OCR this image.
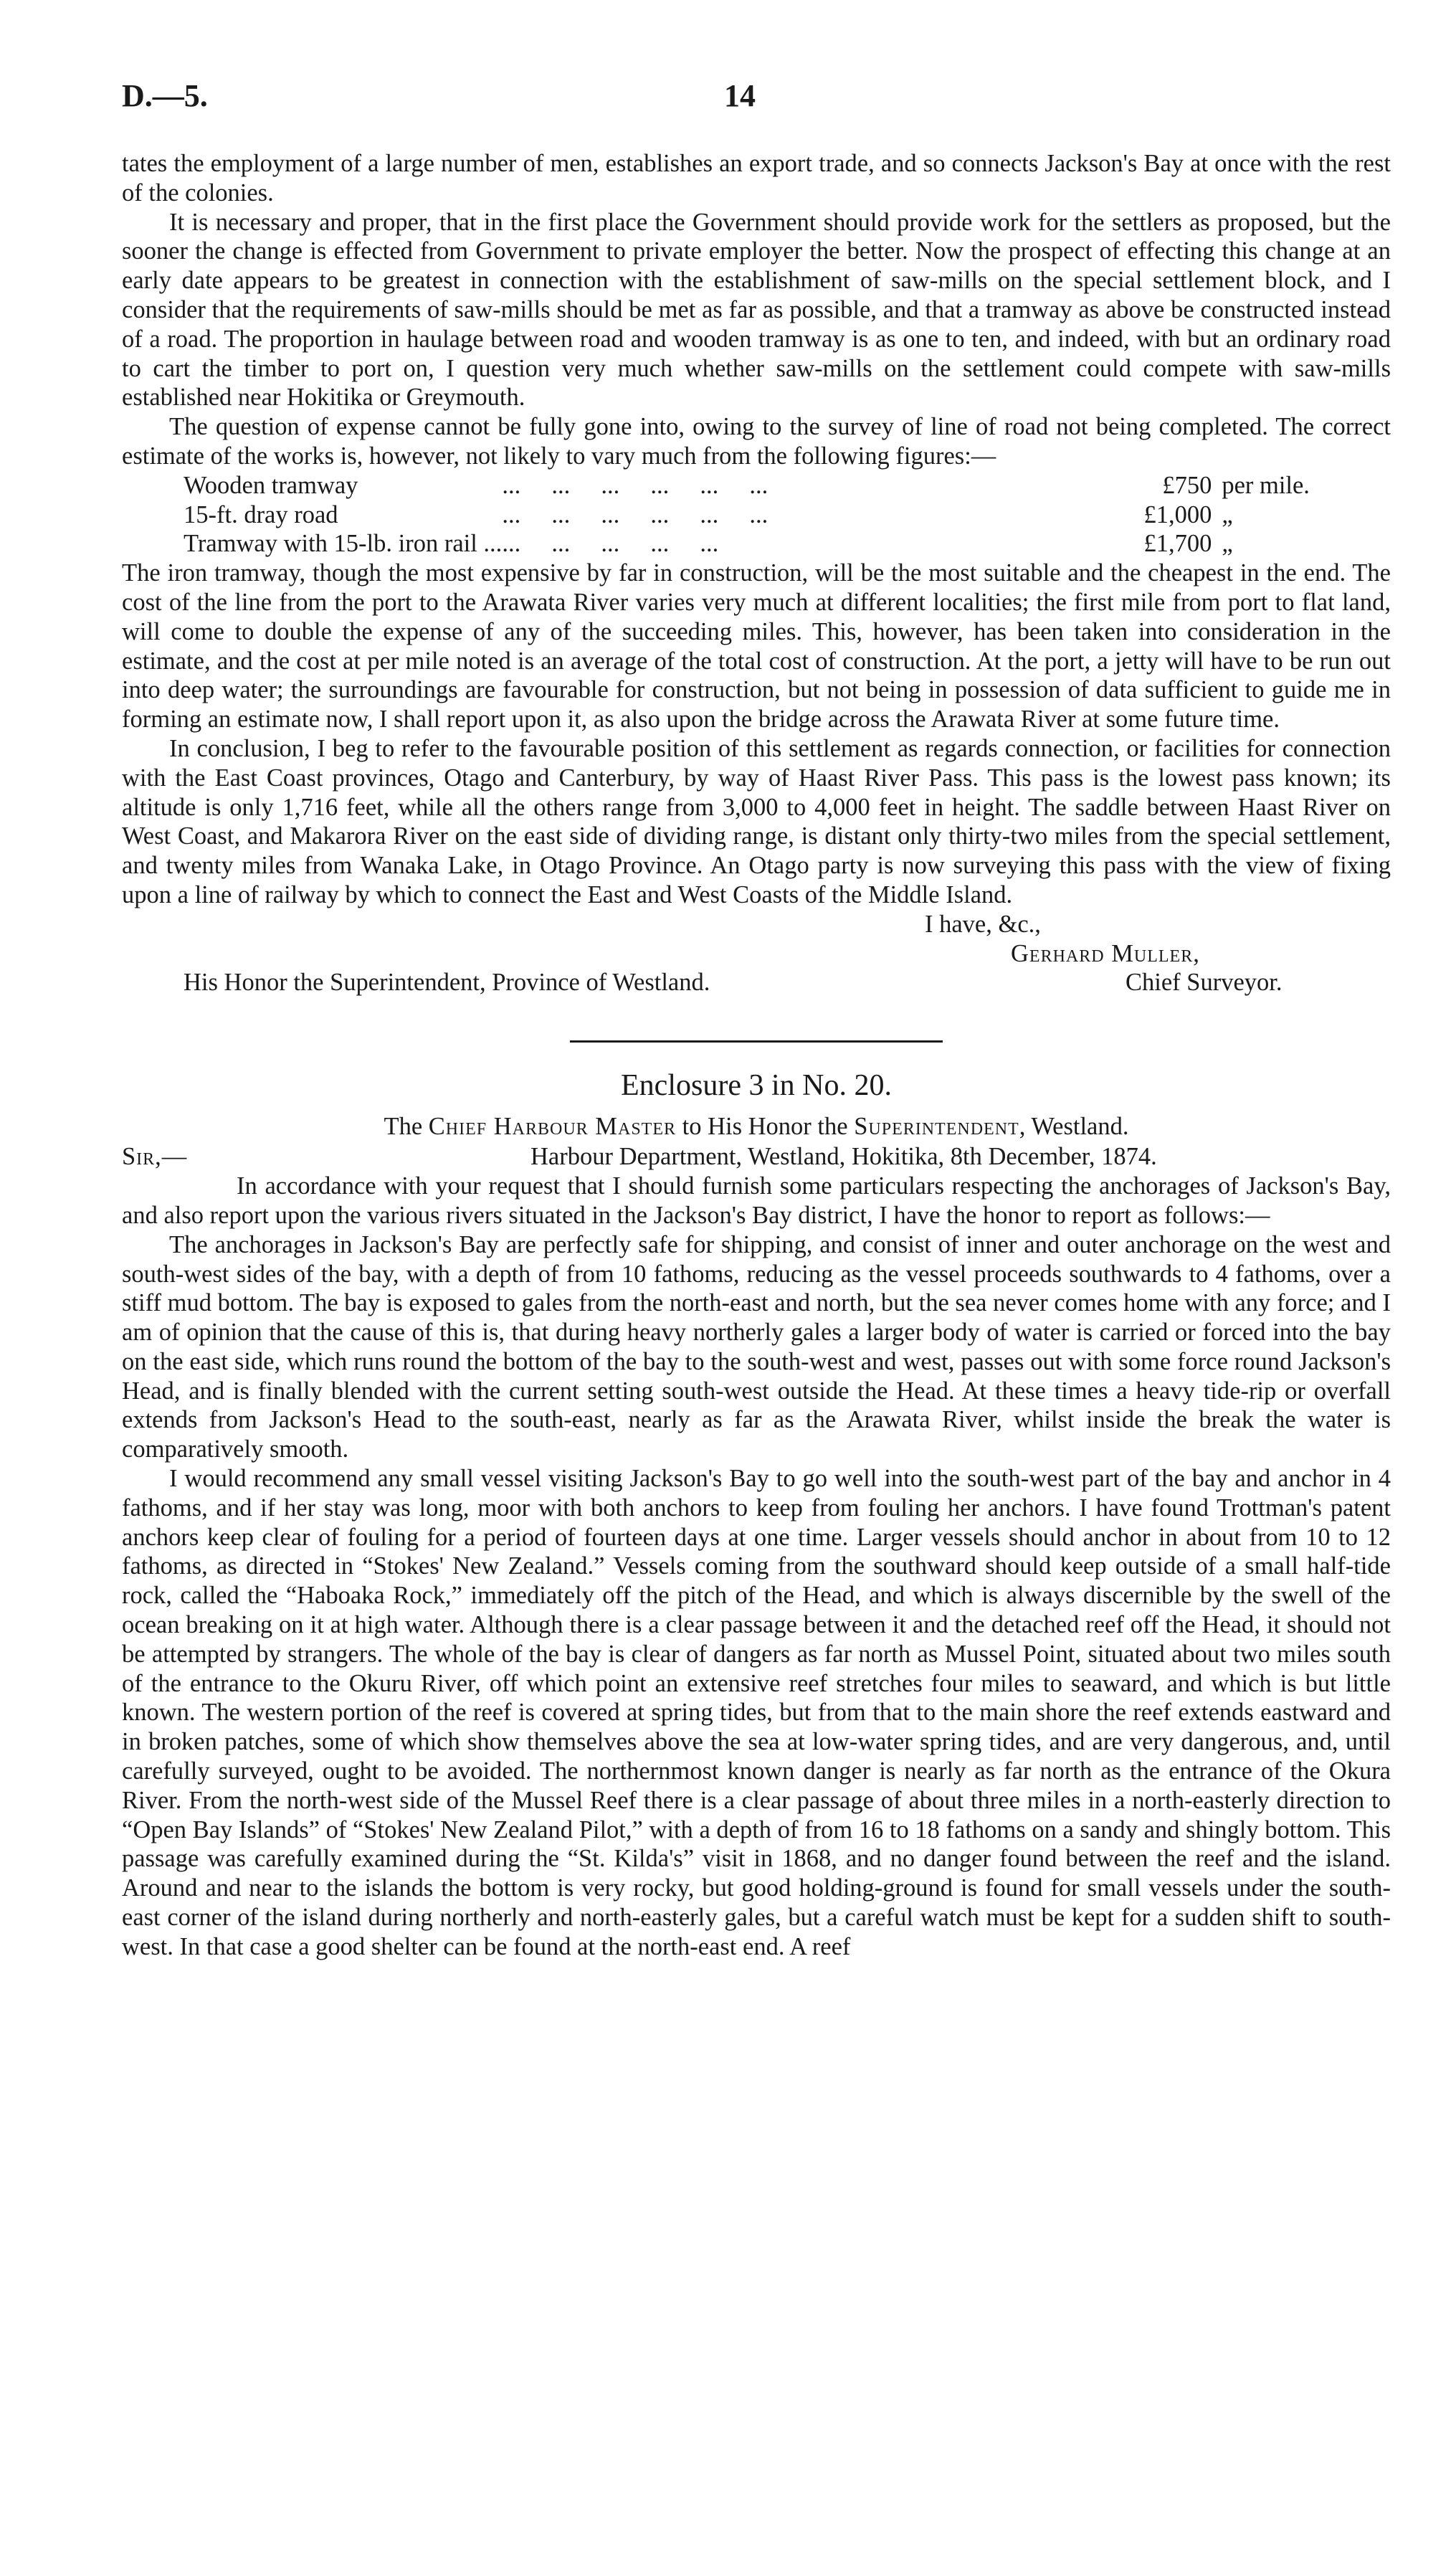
D.—5.	14

tates the employment of a large number of men, establishes an export trade, and so connects Jackson's Bay at once with the rest of the colonies.

It is necessary and proper, that in the first place the Government should provide work for the settlers as proposed, but the sooner the change is effected from Government to private employer the better. Now the prospect of effecting this change at an early date appears to be greatest in connection with the establishment of saw-mills on the special settlement block, and I consider that the requirements of saw-mills should be met as far as possible, and that a tramway as above be constructed instead of a road. The proportion in haulage between road and wooden tramway is as one to ten, and indeed, with but an ordinary road to cart the timber to port on, I question very much whether saw-mills on the settlement could compete with saw-mills established near Hokitika or Greymouth.

The question of expense cannot be fully gone into, owing to the survey of line of road not being completed. The correct estimate of the works is, however, not likely to vary much from the following figures:—

Wooden tramway	...     ...     ...     ...     ...     ...	£750	per mile.
15-ft. dray road	...     ...     ...     ...     ...     ...	£1,000	„
Tramway with 15-lb. iron rail ...	...     ...     ...     ...     ...	£1,700	„

The iron tramway, though the most expensive by far in construction, will be the most suitable and the cheapest in the end. The cost of the line from the port to the Arawata River varies very much at different localities; the first mile from port to flat land, will come to double the expense of any of the succeeding miles. This, however, has been taken into consideration in the estimate, and the cost at per mile noted is an average of the total cost of construction. At the port, a jetty will have to be run out into deep water; the surroundings are favourable for construction, but not being in possession of data sufficient to guide me in forming an estimate now, I shall report upon it, as also upon the bridge across the Arawata River at some future time.

In conclusion, I beg to refer to the favourable position of this settlement as regards connection, or facilities for connection with the East Coast provinces, Otago and Canterbury, by way of Haast River Pass. This pass is the lowest pass known; its altitude is only 1,716 feet, while all the others range from 3,000 to 4,000 feet in height. The saddle between Haast River on West Coast, and Makarora River on the east side of dividing range, is distant only thirty-two miles from the special settlement, and twenty miles from Wanaka Lake, in Otago Province. An Otago party is now surveying this pass with the view of fixing upon a line of railway by which to connect the East and West Coasts of the Middle Island.

I have, &c.,
Gerhard Muller,
His Honor the Superintendent, Province of Westland.	Chief Surveyor.
Enclosure 3 in No. 20.
The Chief Harbour Master to His Honor the Superintendent, Westland.
Sir,—	Harbour Department, Westland, Hokitika, 8th December, 1874.

In accordance with your request that I should furnish some particulars respecting the anchorages of Jackson's Bay, and also report upon the various rivers situated in the Jackson's Bay district, I have the honor to report as follows:—

The anchorages in Jackson's Bay are perfectly safe for shipping, and consist of inner and outer anchorage on the west and south-west sides of the bay, with a depth of from 10 fathoms, reducing as the vessel proceeds southwards to 4 fathoms, over a stiff mud bottom. The bay is exposed to gales from the north-east and north, but the sea never comes home with any force; and I am of opinion that the cause of this is, that during heavy northerly gales a larger body of water is carried or forced into the bay on the east side, which runs round the bottom of the bay to the south-west and west, passes out with some force round Jackson's Head, and is finally blended with the current setting south-west outside the Head. At these times a heavy tide-rip or overfall extends from Jackson's Head to the south-east, nearly as far as the Arawata River, whilst inside the break the water is comparatively smooth.

I would recommend any small vessel visiting Jackson's Bay to go well into the south-west part of the bay and anchor in 4 fathoms, and if her stay was long, moor with both anchors to keep from fouling her anchors. I have found Trottman's patent anchors keep clear of fouling for a period of fourteen days at one time. Larger vessels should anchor in about from 10 to 12 fathoms, as directed in “Stokes' New Zealand.” Vessels coming from the southward should keep outside of a small half-tide rock, called the “Haboaka Rock,” immediately off the pitch of the Head, and which is always discernible by the swell of the ocean breaking on it at high water. Although there is a clear passage between it and the detached reef off the Head, it should not be attempted by strangers. The whole of the bay is clear of dangers as far north as Mussel Point, situated about two miles south of the entrance to the Okuru River, off which point an extensive reef stretches four miles to seaward, and which is but little known. The western portion of the reef is covered at spring tides, but from that to the main shore the reef extends eastward and in broken patches, some of which show themselves above the sea at low-water spring tides, and are very dangerous, and, until carefully surveyed, ought to be avoided. The northernmost known danger is nearly as far north as the entrance of the Okura River. From the north-west side of the Mussel Reef there is a clear passage of about three miles in a north-easterly direction to “Open Bay Islands” of “Stokes' New Zealand Pilot,” with a depth of from 16 to 18 fathoms on a sandy and shingly bottom. This passage was carefully examined during the “St. Kilda's” visit in 1868, and no danger found between the reef and the island. Around and near to the islands the bottom is very rocky, but good holding-ground is found for small vessels under the south-east corner of the island during northerly and north-easterly gales, but a careful watch must be kept for a sudden shift to south-west. In that case a good shelter can be found at the north-east end. A reef
